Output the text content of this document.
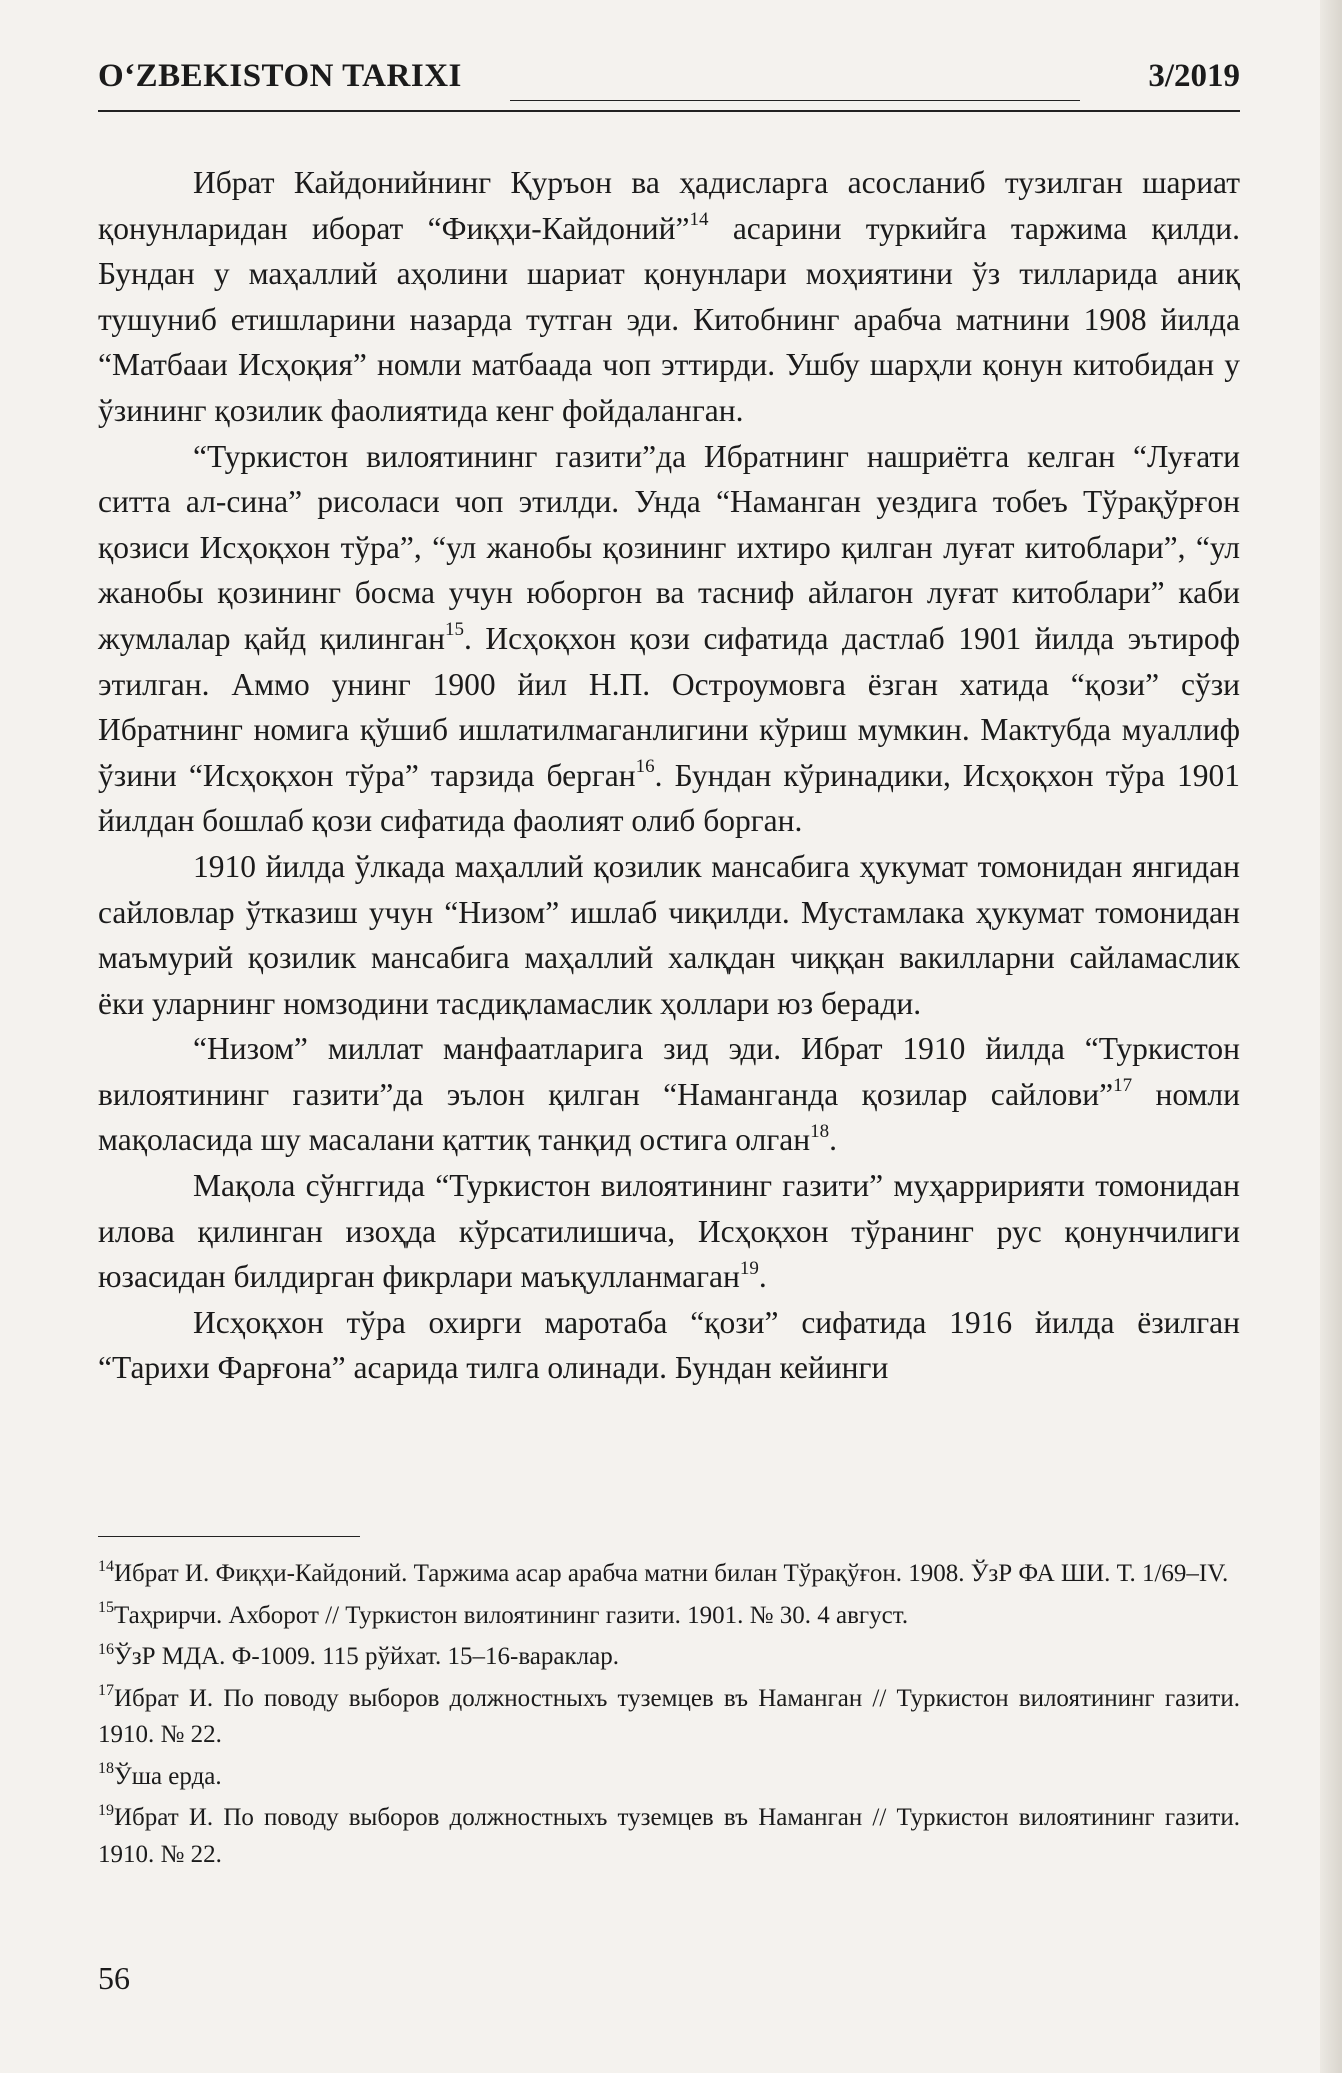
O‘ZBEKISTON TARIXI	3/2019

Ибрат Кайдонийнинг Қуръон ва ҳадисларга асосланиб тузилган шариат қонунларидан иборат “Фиқҳи-Кайдоний”$^{14}$ асарини туркийга таржима қилди. Бундан у маҳаллий аҳолини шариат қонунлари моҳиятини ўз тилларида аниқ тушуниб етишларини назарда тутган эди. Китобнинг арабча матнини 1908 йилда “Матбааи Исҳоқия” номли матбаада чоп эттирди. Ушбу шарҳли қонун китобидан у ўзининг қозилик фаолиятида кенг фойдаланган.

“Туркистон вилоятининг газити”да Ибратнинг нашриётга келган “Луғати ситта ал-сина” рисоласи чоп этилди. Унда “Наманган уездига тобеъ Тўрақўрғон қозиси Исҳоқхон тўра”, “ул жанобы қозининг ихтиро қилган луғат китоблари”, “ул жанобы қозининг босма учун юборгон ва тасниф айлагон луғат китоблари” каби жумлалар қайд қилинган$^{15}$. Исҳоқхон қози сифатида дастлаб 1901 йилда эътироф этилган. Аммо унинг 1900 йил Н.П. Остроумовга ёзган хатида “қози” сўзи Ибратнинг номига қўшиб ишлатилмаганлигини кўриш мумкин. Мактубда муаллиф ўзини “Исҳоқхон тўра” тарзида берган$^{16}$. Бундан кўринадики, Исҳоқхон тўра 1901 йилдан бошлаб қози сифатида фаолият олиб борган.

1910 йилда ўлкада маҳаллий қозилик мансабига ҳукумат томонидан янгидан сайловлар ўтказиш учун “Низом” ишлаб чиқилди. Мустамлака ҳукумат томонидан маъмурий қозилик мансабига маҳаллий халқдан чиққан вакилларни сайламаслик ёки уларнинг номзодини тасдиқламаслик ҳоллари юз беради.

“Низом” миллат манфаатларига зид эди. Ибрат 1910 йилда “Туркистон вилоятининг газити”да эълон қилган “Наманганда қозилар сайлови”$^{17}$ номли мақоласида шу масалани қаттиқ танқид остига олган$^{18}$.

Мақола сўнггида “Туркистон вилоятининг газити” муҳарририяти томонидан илова қилинган изоҳда кўрсатилишича, Исҳоқхон тўранинг рус қонунчилиги юзасидан билдирган фикрлари маъқулланмаган$^{19}$.

Исҳоқхон тўра охирги маротаба “қози” сифатида 1916 йилда ёзилган “Тарихи Фарғона” асарида тилга олинади. Бундан кейинги

$^{14}$Ибрат И. Фиқҳи-Кайдоний. Таржима асар арабча матни билан Тўрақўғон. 1908. ЎзР ФА ШИ. Т. 1/69–IV.

$^{15}$Таҳрирчи. Ахборот // Туркистон вилоятининг газити. 1901. № 30. 4 август.

$^{16}$ЎзР МДА. Ф-1009. 115 рўйхат. 15–16-вараклар.

$^{17}$Ибрат И. По поводу выборов должностныхъ туземцев въ Наманган // Туркистон вилоятининг газити. 1910. № 22.

$^{18}$Ўша ерда.

$^{19}$Ибрат И. По поводу выборов должностныхъ туземцев въ Наманган // Туркистон вилоятининг газити. 1910. № 22.

56
